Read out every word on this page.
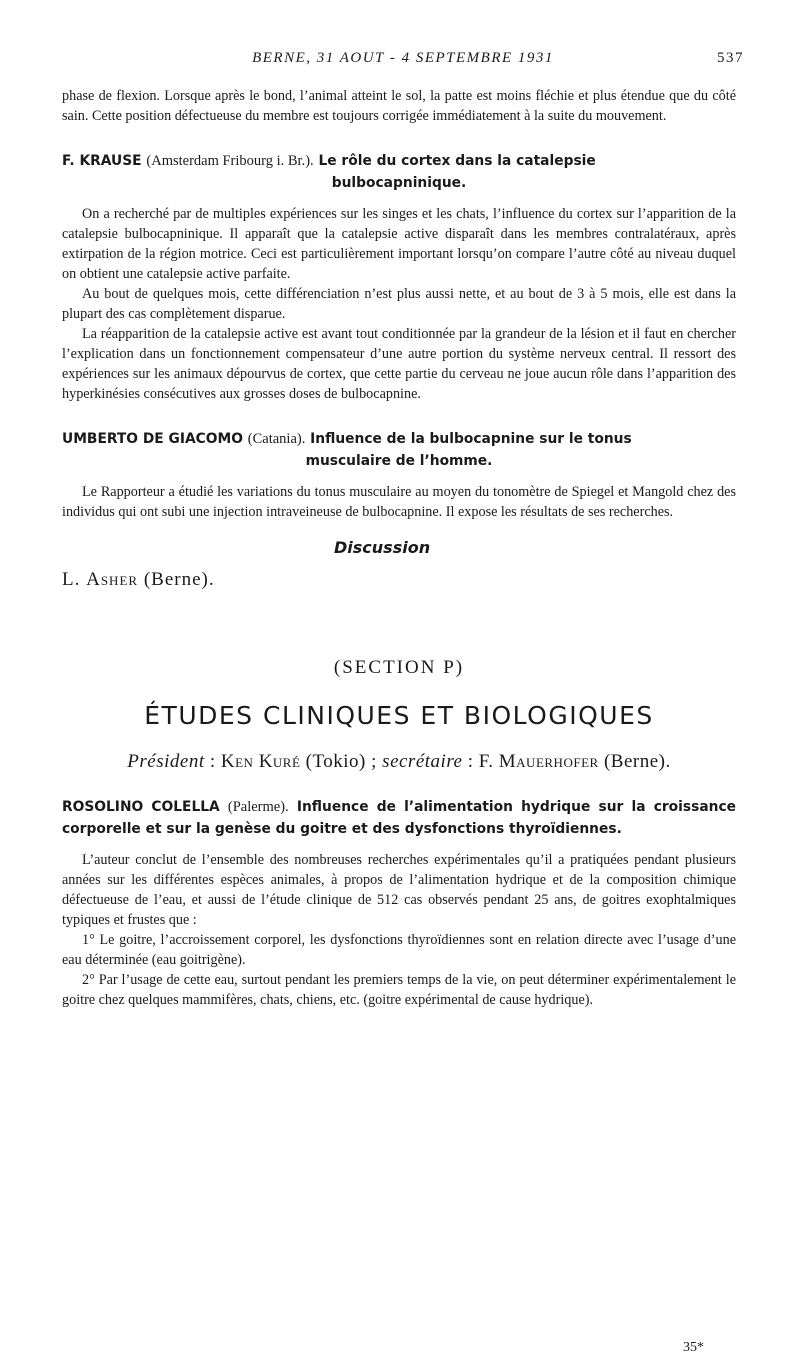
BERNE, 31 AOUT - 4 SEPTEMBRE 1931	537

phase de flexion. Lorsque après le bond, l’animal atteint le sol, la patte est moins fléchie et plus étendue que du côté sain. Cette position défectueuse du membre est toujours corrigée immédiatement à la suite du mouvement.

F. KRAUSE (Amsterdam Fribourg i. Br.). Le rôle du cortex dans la catalepsie
bulbocapninique.

On a recherché par de multiples expériences sur les singes et les chats, l’influence du cortex sur l’apparition de la catalepsie bulbocapninique. Il apparaît que la catalepsie active disparaît dans les membres contralatéraux, après extirpation de la région motrice. Ceci est particulièrement important lorsqu’on compare l’autre côté au niveau duquel on obtient une catalepsie active parfaite.

Au bout de quelques mois, cette différenciation n’est plus aussi nette, et au bout de 3 à 5 mois, elle est dans la plupart des cas complètement disparue.

La réapparition de la catalepsie active est avant tout conditionnée par la grandeur de la lésion et il faut en chercher l’explication dans un fonctionnement compensateur d’une autre portion du système nerveux central. Il ressort des expériences sur les animaux dépourvus de cortex, que cette partie du cerveau ne joue aucun rôle dans l’apparition des hyperkinésies consécutives aux grosses doses de bulbocapnine.

UMBERTO DE GIACOMO (Catania). Influence de la bulbocapnine sur le tonus
musculaire de l’homme.

Le Rapporteur a étudié les variations du tonus musculaire au moyen du tonomètre de Spiegel et Mangold chez des individus qui ont subi une injection intraveineuse de bulbocapnine. Il expose les résultats de ses recherches.

Discussion
L. Asher (Berne).
(SECTION P)
ÉTUDES CLINIQUES ET BIOLOGIQUES
Président : Ken Kuré (Tokio) ; secrétaire : F. Mauerhofer (Berne).
ROSOLINO COLELLA (Palerme). Influence de l’alimentation hydrique sur la croissance corporelle et sur la genèse du goitre et des dysfonctions thyroïdiennes.

L’auteur conclut de l’ensemble des nombreuses recherches expérimentales qu’il a pratiquées pendant plusieurs années sur les différentes espèces animales, à propos de l’alimentation hydrique et de la composition chimique défectueuse de l’eau, et aussi de l’étude clinique de 512 cas observés pendant 25 ans, de goitres exophtalmiques typiques et frustes que :

1° Le goitre, l’accroissement corporel, les dysfonctions thyroïdiennes sont en relation directe avec l’usage d’une eau déterminée (eau goitrigène).

2° Par l’usage de cette eau, surtout pendant les premiers temps de la vie, on peut déterminer expérimentalement le goitre chez quelques mammifères, chats, chiens, etc. (goitre expérimental de cause hydrique).

35*
